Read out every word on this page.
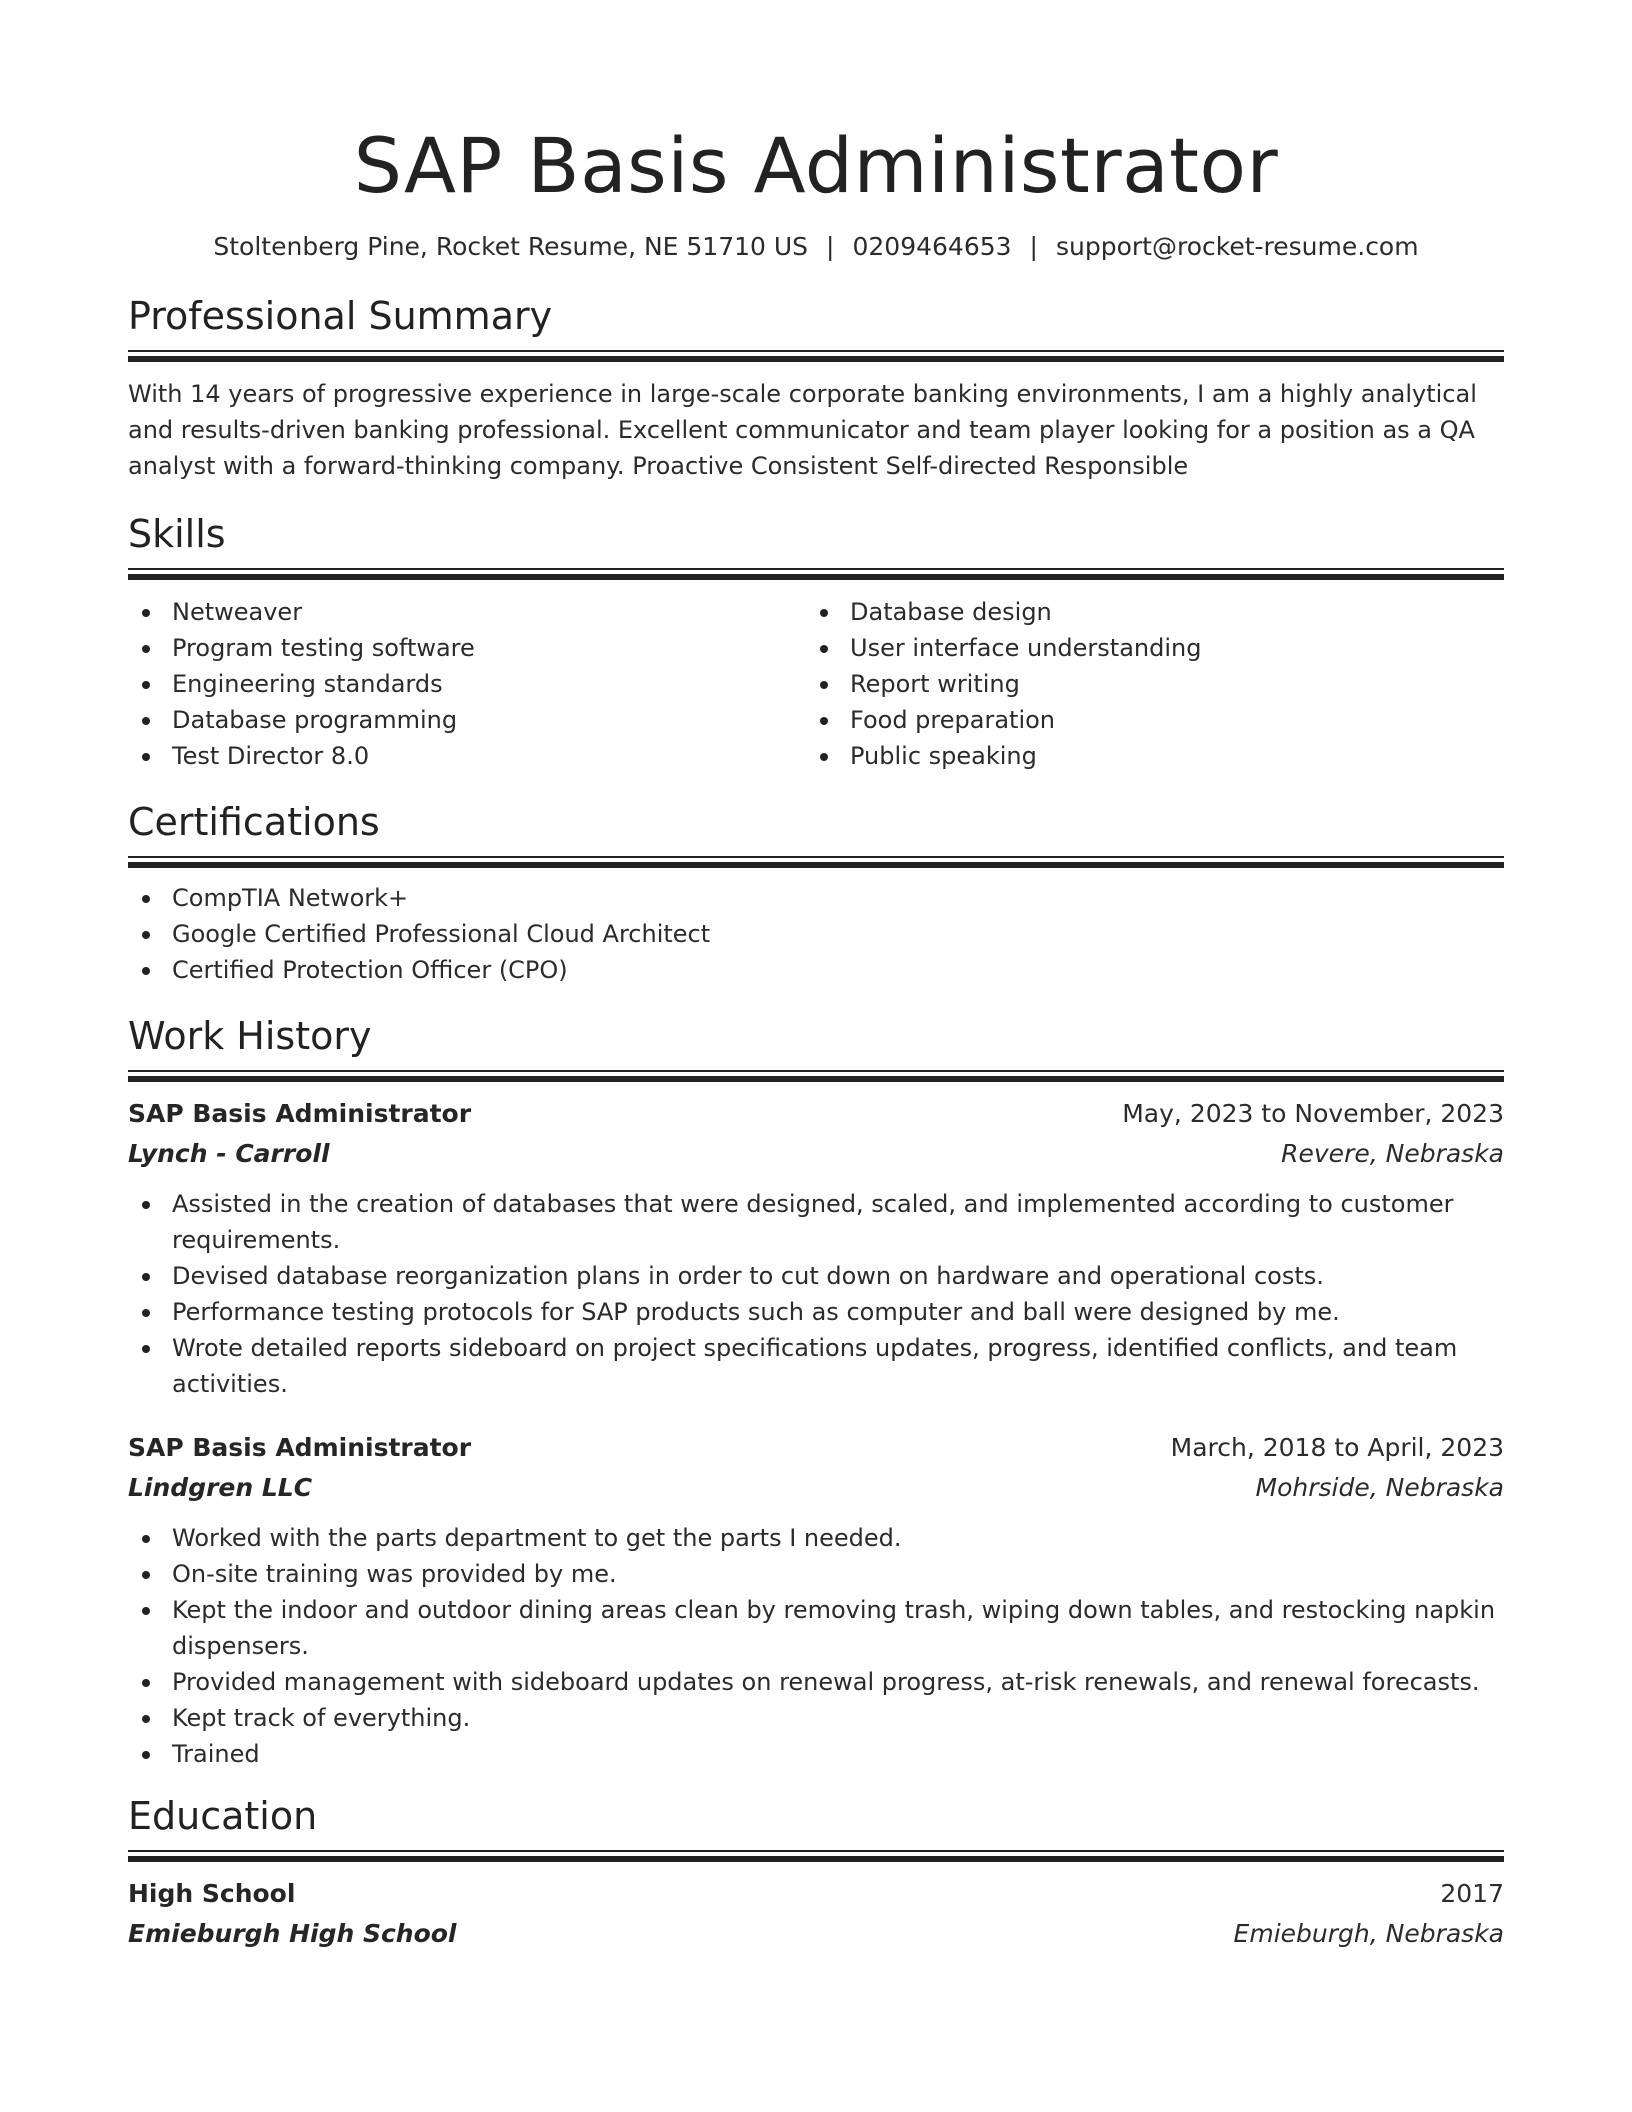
SAP Basis Administrator
Stoltenberg Pine, Rocket Resume, NE 51710 US | 0209464653 | support@rocket-resume.com
Professional Summary
With 14 years of progressive experience in large-scale corporate banking environments, I am a highly analytical and results-driven banking professional. Excellent communicator and team player looking for a position as a QA analyst with a forward-thinking company. Proactive Consistent Self-directed Responsible
Skills
Netweaver
Program testing software
Engineering standards
Database programming
Test Director 8.0
Database design
User interface understanding
Report writing
Food preparation
Public speaking
Certifications
CompTIA Network+
Google Certified Professional Cloud Architect
Certified Protection Officer (CPO)
Work History
SAP Basis Administrator	May, 2023 to November, 2023
Lynch - Carroll	Revere, Nebraska
Assisted in the creation of databases that were designed, scaled, and implemented according to customer requirements.
Devised database reorganization plans in order to cut down on hardware and operational costs.
Performance testing protocols for SAP products such as computer and ball were designed by me.
Wrote detailed reports sideboard on project specifications updates, progress, identified conflicts, and team activities.
SAP Basis Administrator	March, 2018 to April, 2023
Lindgren LLC	Mohrside, Nebraska
Worked with the parts department to get the parts I needed.
On-site training was provided by me.
Kept the indoor and outdoor dining areas clean by removing trash, wiping down tables, and restocking napkin dispensers.
Provided management with sideboard updates on renewal progress, at-risk renewals, and renewal forecasts.
Kept track of everything.
Trained
Education
High School	2017
Emieburgh High School	Emieburgh, Nebraska
